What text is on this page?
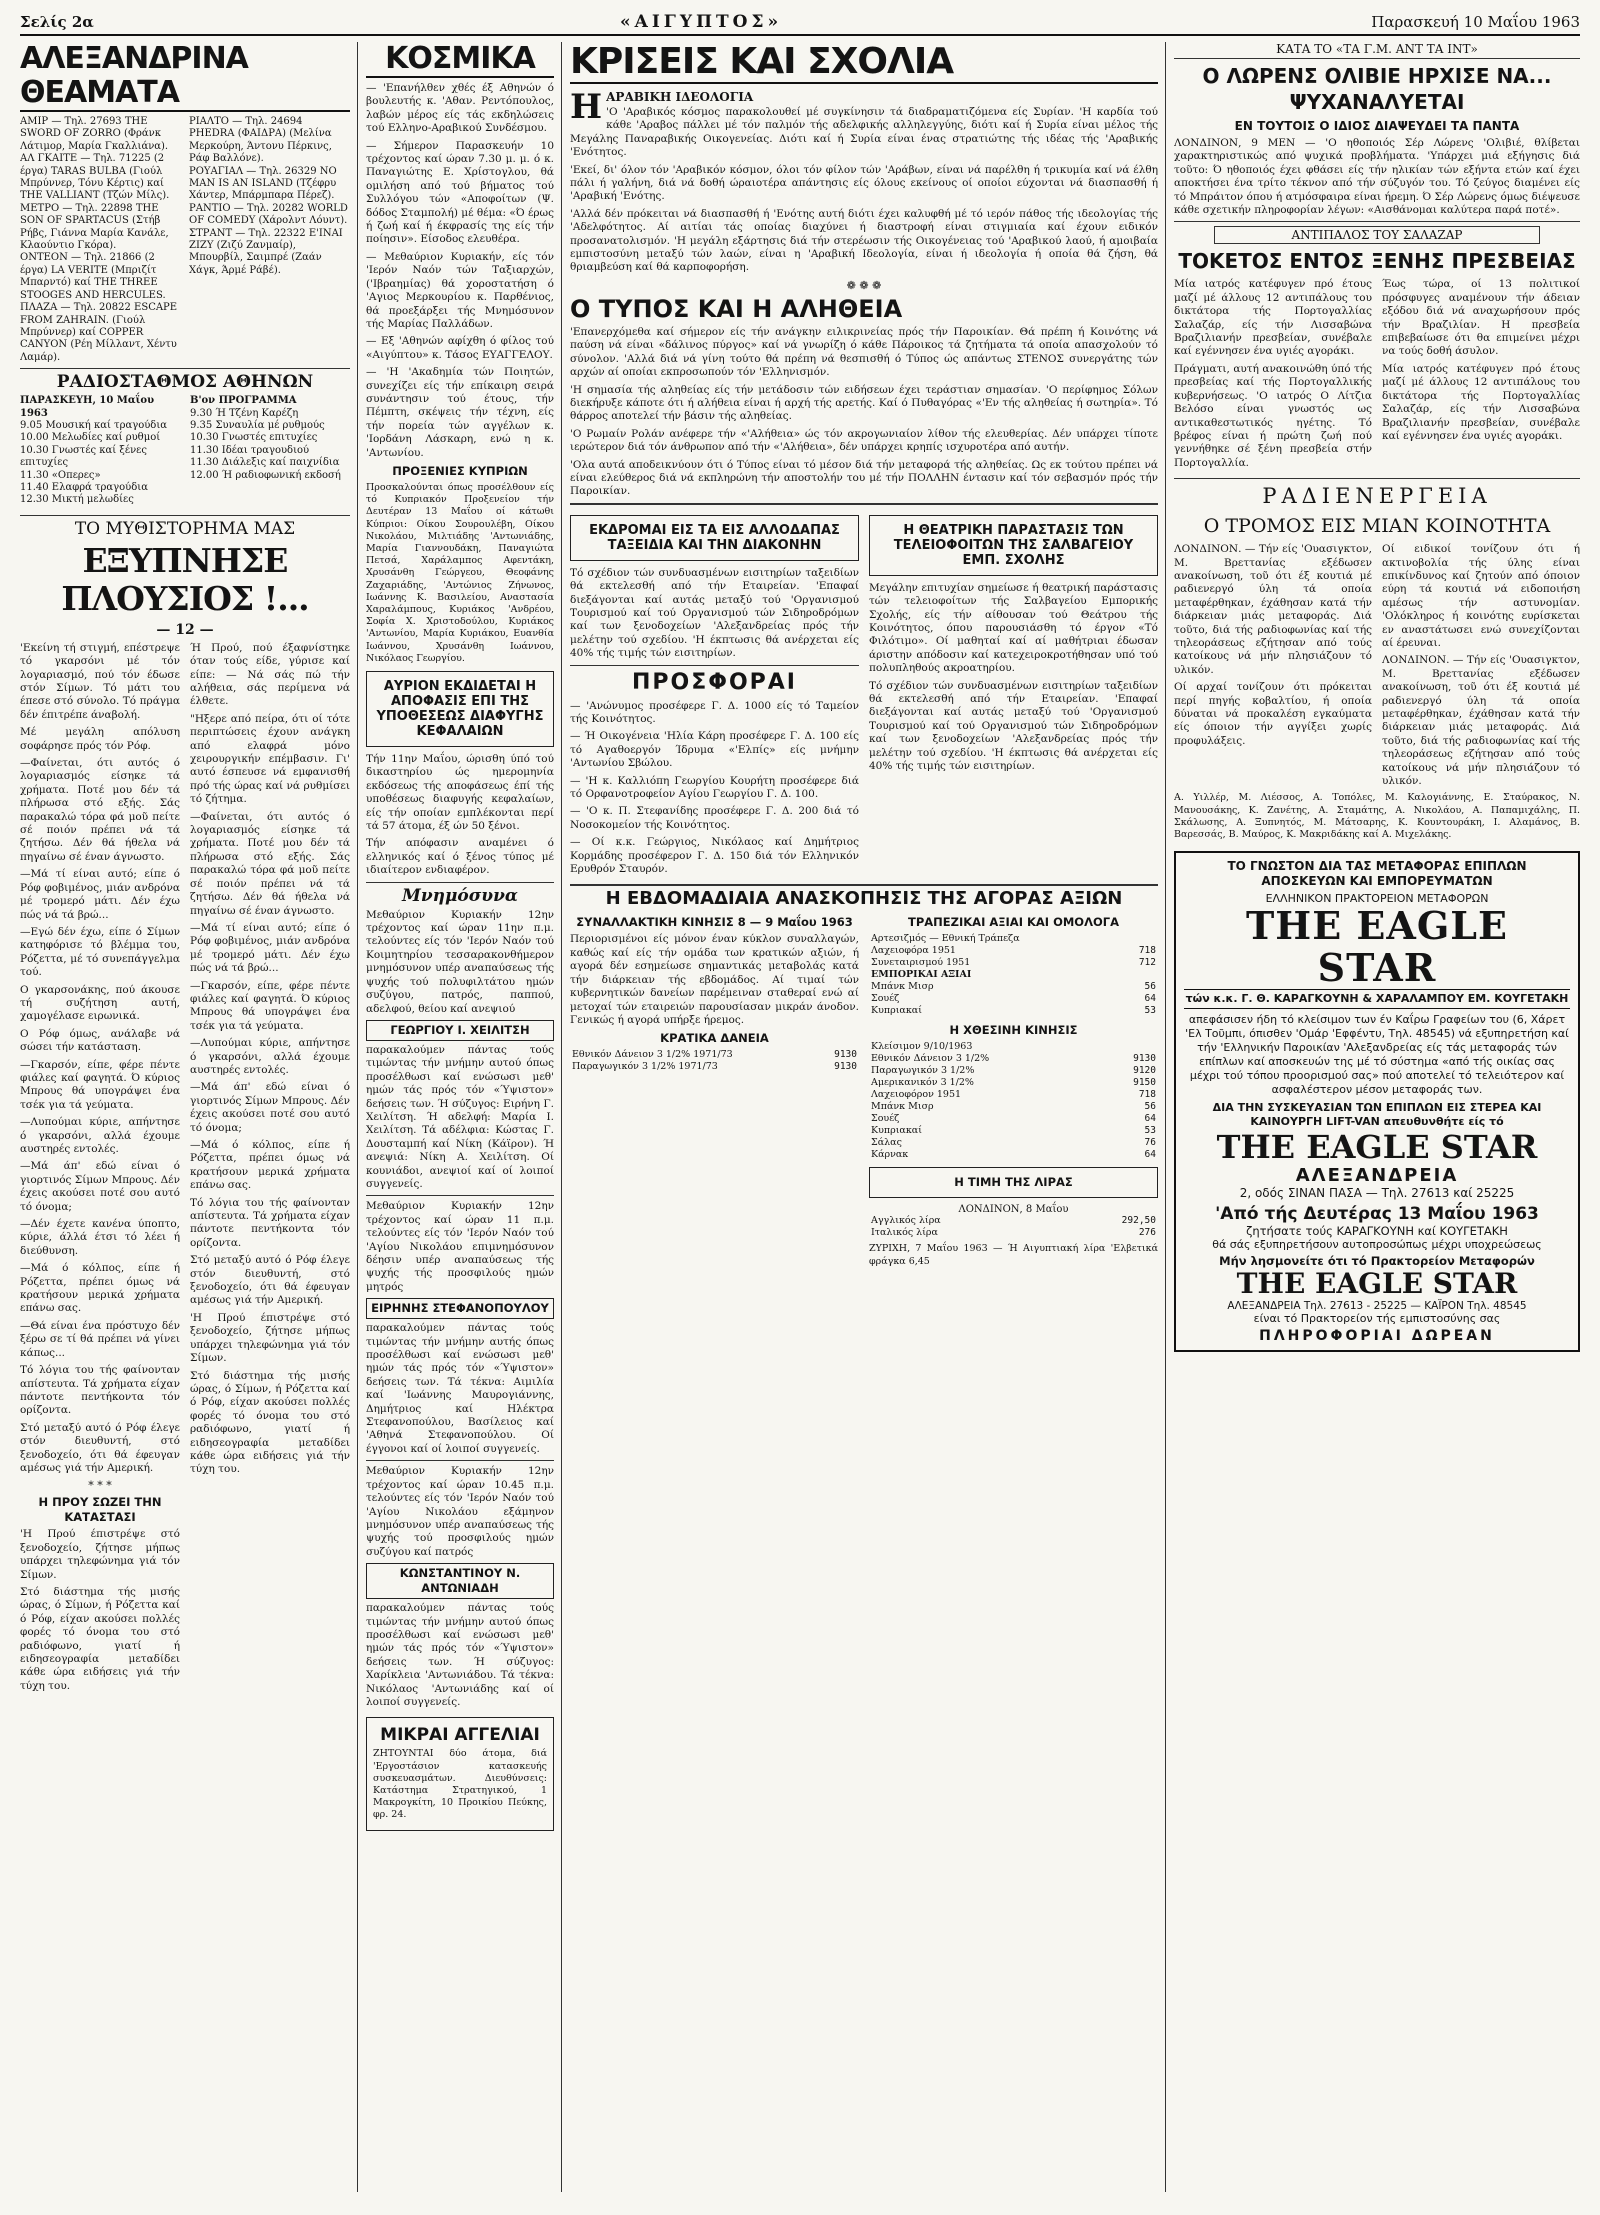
Σελίς 2α	«ΑΙΓΥΠΤΟΣ»	Παρασκευή 10 Μαΐου 1963
ΑΛΕΞΑΝΔΡΙΝΑ ΘΕΑΜΑΤΑ

ΑΜΙΡ — Τηλ. 27693 THE SWORD OF ZORRO (Φράνκ Λάτιμορ, Μαρία Γκαλλιάνα).

ΑΛ ΓΚΑΙΤΕ — Τηλ. 71225 (2 έργα) TARAS BULBA (Γιούλ Μπρύννερ, Τόνυ Κέρτις) καί THE VALLIANT (Τζών Μίλς).

ΜΕΤΡΟ — Τηλ. 22898 THE SON OF SPARTACUS (Στήβ Ρήβς, Γιάννα Μαρία Κανάλε, Κλαούντιο Γκόρα).

ΟΝΤΕΟΝ — Τηλ. 21866 (2 έργα) LA VERITE (Μπριζίτ Μπαρντό) καί THE THREE STOOGES AND HERCULES.

ΠΛΑΖΑ — Τηλ. 20822 ESCAPE FROM ZAHRAIN. (Γιούλ Μπρύννερ) καί COPPER CANYON (Ρέη Μίλλαντ, Χέντυ Λαμάρ).

ΡΙΑΛΤΟ — Τηλ. 24694 PHEDRA (ΦΑΙΔΡΑ) (Μελίνα Μερκούρη, Άντονυ Πέρκινς, Ράφ Βαλλόνε).

ΡΟΥΑΓΙΑΛ — Τηλ. 26329 NO MAN IS AN ISLAND (Τζέφρυ Χάντερ, Μπάρμπαρα Πέρεζ).

ΡΑΝΤΙΟ — Τηλ. 20282 WORLD OF COMEDY (Χάρολντ Λόυντ).

ΣΤΡΑΝΤ — Τηλ. 22322 Ε'ΙΝΑΙ ΖΙΖΥ (Ζιζύ Ζανμαίρ), Μπουρβίλ, Σαιμπρέ (Ζαάν Χάγκ, Άρμέ Ράβέ).

ΡΑΔΙΟΣΤΑΘΜΟΣ ΑΘΗΝΩΝ

ΠΑΡΑΣΚΕΥΗ, 10 Μαΐου 1963

9.05 Μουσική καί τραγούδια

10.00 Μελωδίες καί ρυθμοί

10.30 Γνωστές καί ξένες επιτυχίες

11.30 «Οπερες»

11.40 Ελαφρά τραγούδια

12.30 Μικτή μελωδίες

Β'ον ΠΡΟΓΡΑΜΜΑ

9.30 Ή Τζένη Καρέζη

9.35 Συναυλία μέ ρυθμούς

10.30 Γνωστές επιτυχίες

11.30 Ιδέαι τραγουδιού

11.30 Διάλεξις καί παιχνίδια

12.00 Ή ραδιοφωνική εκδοσή

ΤΟ ΜΥΘΙΣΤΟΡΗΜΑ ΜΑΣ
ΕΞΥΠΝΗΣΕ ΠΛΟΥΣΙΟΣ !...
— 12 —

'Εκείνη τή στιγμή, επέστρεψε τό γκαρσόνι μέ τόν λογαριασμό, πού τόν έδωσε στόν Σίμων. Τό μάτι του έπεσε στό σύνολο. Τό πράγμα δέν έπιτρέπε άναβολή.

Μέ μεγάλη απόλυση σοφάρησε πρός τόν Ρόφ.

—Φαίνεται, ότι αυτός ό λογαριασμός είσηκε τά χρήματα. Ποτέ μου δέν τά πλήρωσα στό εξής. Σάς παρακαλώ τόρα φά μοῦ πείτε σέ ποιόν πρέπει νά τά ζητήσω. Δέν θά ήθελα νά πηγαίνω σέ έναν άγνωστο.

—Μά τί είναι αυτό; είπε ό Ρόφ φοβιμένος, μιάν ανδρόνα μέ τρομερό μάτι. Δέν έχω πώς νά τά βρώ...

—Εγώ δέν έχω, είπε ό Σίμων κατηφόρισε τό βλέμμα του, Ρόζεττα, μέ τό συνεπάγγελμα τού.

Ο γκαρσονάκης, πού άκουσε τή συζήτηση αυτή, χαμογέλασε ειρωνικά.

Ο Ρόφ όμως, ανάλαβε νά σώσει τήν κατάσταση.

—Γκαρσόν, είπε, φέρε πέντε φιάλες καί φαγητά. Ό κύριος Μπρους θά υπογράψει ένα τσέκ για τά γεύματα.

—Λυπούμαι κύριε, απήντησε ό γκαρσόνι, αλλά έχουμε αυστηρές εντολές.

—Μά άπ' εδώ είναι ό γιορτινός Σίμων Μπρους. Δέν έχεις ακούσει ποτέ σου αυτό τό όνομα;

—Δέν έχετε κανένα ύποπτο, κύριε, άλλά έτσι τό λέει ή διεύθυνση.

—Μά ό κόλπος, είπε ή Ρόζεττα, πρέπει όμως νά κρατήσουν μερικά χρήματα επάνω σας.

—Θά είναι ένα πρόστυχο δέν ξέρω σε τί θά πρέπει νά γίνει κάπως...

Τό λόγια του τής φαίνονταν απίστευτα. Τά χρήματα είχαν πάντοτε πεντήκοντα τόν ορίζοντα.

Στό μεταξύ αυτό ό Ρόφ έλεγε στόν διευθυντή, στό ξενοδοχείο, ότι θά έφευγαν αμέσως γιά τήν Αμερική.

* * *
Η ΠΡΟΥ ΣΩΖΕΙ ΤΗΝ ΚΑΤΑΣΤΑΣΙ

'Η Πρού έπιστρέψε στό ξενοδοχείο, ζήτησε μήπως υπάρχει τηλεφώνημα γιά τόν Σίμων.

Στό διάστημα τής μισής ώρας, ό Σίμων, ή Ρόζεττα καί ό Ρόφ, είχαν ακούσει πολλές φορές τό όνομα του στό ραδιόφωνο, γιατί ή ειδησεογραφία μεταδίδει κάθε ώρα ειδήσεις γιά τήν τύχη του.

Ή Πρού, πού έξαφνίστηκε όταν τούς είδε, γύρισε καί είπε: — Νά σάς πώ τήν αλήθεια, σάς περίμενα νά έλθετε.

"Ηξερε από πείρα, ότι οί τότε περιπτώσεις έχουν ανάγκη από ελαφρά μόνο χειρουργικήν επέμβασιν. Γι' αυτό έσπευσε νά εμφανισθή πρό τής ώρας καί νά ρυθμίσει τό ζήτημα.

—Φαίνεται, ότι αυτός ό λογαριασμός είσηκε τά χρήματα. Ποτέ μου δέν τά πλήρωσα στό εξής. Σάς παρακαλώ τόρα φά μοῦ πείτε σέ ποιόν πρέπει νά τά ζητήσω. Δέν θά ήθελα νά πηγαίνω σέ έναν άγνωστο.

—Μά τί είναι αυτό; είπε ό Ρόφ φοβιμένος, μιάν ανδρόνα μέ τρομερό μάτι. Δέν έχω πώς νά τά βρώ...

—Γκαρσόν, είπε, φέρε πέντε φιάλες καί φαγητά. Ό κύριος Μπρους θά υπογράψει ένα τσέκ για τά γεύματα.

—Λυπούμαι κύριε, απήντησε ό γκαρσόνι, αλλά έχουμε αυστηρές εντολές.

—Μά άπ' εδώ είναι ό γιορτινός Σίμων Μπρους. Δέν έχεις ακούσει ποτέ σου αυτό τό όνομα;

—Μά ό κόλπος, είπε ή Ρόζεττα, πρέπει όμως νά κρατήσουν μερικά χρήματα επάνω σας.

Τό λόγια του τής φαίνονταν απίστευτα. Τά χρήματα είχαν πάντοτε πεντήκοντα τόν ορίζοντα.

Στό μεταξύ αυτό ό Ρόφ έλεγε στόν διευθυντή, στό ξενοδοχείο, ότι θά έφευγαν αμέσως γιά τήν Αμερική.

'Η Πρού έπιστρέψε στό ξενοδοχείο, ζήτησε μήπως υπάρχει τηλεφώνημα γιά τόν Σίμων.

Στό διάστημα τής μισής ώρας, ό Σίμων, ή Ρόζεττα καί ό Ρόφ, είχαν ακούσει πολλές φορές τό όνομα του στό ραδιόφωνο, γιατί ή ειδησεογραφία μεταδίδει κάθε ώρα ειδήσεις γιά τήν τύχη του.

ΚΟΣΜΙΚΑ

— 'Επανήλθεν χθές έξ Αθηνών ό βουλευτής κ. 'Αθαν. Ρεντόπουλος, λαβών μέρος είς τάς εκδηλώσεις τού Ελληνο-Αραβικού Συνδέσμου.

— Σήμερον Παρασκευήν 10 τρέχοντος καί ώραν 7.30 μ. μ. ό κ. Παναγιώτης Ε. Χρίστογλου, θά ομιλήση από τού βήματος τού Συλλόγου τών «Αποφοίτων (Ψ. δόδος Σταμπολή) μέ θέμα: «Ό έρως ή ζωή καί ή έκφρασίς της είς τήν ποίησιν». Είσοδος ελευθέρα.

— Μεθαύριον Κυριακήν, είς τόν 'Ιερόν Ναόν τών Ταξιαρχών, ('Ιβραημίας) θά χοροστατήση ό 'Αγιος Μερκουρίου κ. Παρθένιος, θά προεξάρξει τής Μνημόσυνον τής Μαρίας Παλλάδων.

— Εξ 'Αθηνών αφίχθη ό φίλος τού «Αιγύπτου» κ. Τάσος ΕΥΑΓΓΕΛΟΥ.

— 'Η 'Ακαδημία τών Ποιητών, συνεχίζει είς τήν επίκαιρη σειρά συνάντησιν τού έτους, τήν Πέμπτη, σκέψεις τήν τέχνη, είς τήν πορεία τών αγγέλων κ. 'Ιορδάνη Λάσκαρη, ενώ η κ. 'Αντωνίου.

ΠΡΟΞΕΝΙΕΣ ΚΥΠΡΙΩΝ

Προσκαλούνται όπως προσέλθουν είς τό Κυπριακόν Προξενείον τήν Δευτέραν 13 Μαΐου οί κάτωθι Κύπριοι: Οίκου Σουρουλέβη, Οίκου Νικολάου, Μιλτιάδης 'Αντωνιάδης, Μαρία Γιαννουδάκη, Παναγιώτα Πετσά, Χαράλαμπος Αφεντάκη, Χρυσάνθη Γεώργεου, Θεοφάνης Ζαχαριάδης, 'Αντώνιος Ζήνωνος, Ιωάννης Κ. Βασιλείου, Αναστασία Χαραλάμπους, Κυριάκος 'Ανδρέου, Σοφία Χ. Χριστοδούλου, Κυριάκος 'Αντωνίου, Μαρία Κυριάκου, Ευανθία Ιωάννου, Χρυσάνθη Ιωάννου, Νικόλαος Γεωργίου.

ΑΥΡΙΟΝ ΕΚΔΙΔΕΤΑΙ Η ΑΠΟΦΑΣΙΣ ΕΠΙ ΤΗΣ ΥΠΟΘΕΣΕΩΣ ΔΙΑΦΥΓΗΣ ΚΕΦΑΛΑΙΩΝ

Τήν 11ην Μαΐου, ώρισθη ύπό τού δικαστηρίου ώς ημερομηνία εκδόσεως τής αποφάσεως έπί τής υποθέσεως διαφυγής κεφαλαίων, είς τήν οποίαν εμπλέκονται περί τά 57 άτομα, έξ ών 50 ξένοι.

Τήν απόφασιν αναμένει ό ελληνικός καί ό ξένος τύπος μέ ιδιαίτερον ενδιαφέρον.

Μνημόσυνα

Μεθαύριον Κυριακήν 12ην τρέχοντος καί ώραν 11ην π.μ. τελούντες είς τόν 'Ιερόν Ναόν τού Κοιμητηρίου τεσσαρακονθήμερον μνημόσυνον υπέρ αναπαύσεως τής ψυχής τού πολυφιλτάτου ημών συζύγου, πατρός, παππού, αδελφού, θείου καί ανεψιού

ΓΕΩΡΓΙΟΥ Ι. ΧΕΙΛΙΤΣΗ

παρακαλούμεν πάντας τούς τιμώντας τήν μνήμην αυτού όπως προσέλθωσι καί ενώσωσι μεθ' ημών τάς πρός τόν «Ύψιστον» δεήσεις των. Ή σύζυγος: Ειρήνη Γ. Χειλίτση. Ή αδελφή: Μαρία Ι. Χειλίτση. Τά αδέλφια: Κώστας Γ. Δουσταμπή καί Νίκη (Κάϊρον). Ή ανεψιά: Νίκη Α. Χειλίτση. Οί κουνιάδοι, ανεψιοί καί οί λοιποί συγγενείς.

Μεθαύριον Κυριακήν 12ην τρέχοντος καί ώραν 11 π.μ. τελούντες είς τόν 'Ιερόν Ναόν τού 'Αγίου Νικολάου επιμνημόσυνον δέησιν υπέρ αναπαύσεως τής ψυχής τής προσφιλούς ημών μητρός

ΕΙΡΗΝΗΣ ΣΤΕΦΑΝΟΠΟΥΛΟΥ

παρακαλούμεν πάντας τούς τιμώντας τήν μνήμην αυτής όπως προσέλθωσι καί ενώσωσι μεθ' ημών τάς πρός τόν «Ύψιστον» δεήσεις των. Τά τέκνα: Αιμιλία καί 'Ιωάννης Μαυρογιάννης, Δημήτριος καί Ηλέκτρα Στεφανοπούλου, Βασίλειος καί 'Αθηνά Στεφανοπούλου. Οί έγγονοι καί οί λοιποί συγγενείς.

Μεθαύριον Κυριακήν 12ην τρέχοντος καί ώραν 10.45 π.μ. τελούντες είς τόν 'Ιερόν Ναόν τού 'Αγίου Νικολάου εξάμηνον μνημόσυνον υπέρ αναπαύσεως τής ψυχής τού προσφιλούς ημών συζύγου καί πατρός

ΚΩΝΣΤΑΝΤΙΝΟΥ Ν. ΑΝΤΩΝΙΑΔΗ

παρακαλούμεν πάντας τούς τιμώντας τήν μνήμην αυτού όπως προσέλθωσι καί ενώσωσι μεθ' ημών τάς πρός τόν «Ύψιστον» δεήσεις των. Ή σύζυγος: Χαρίκλεια 'Αντωνιάδου. Τά τέκνα: Νικόλαος 'Αντωνιάδης καί οί λοιποί συγγενείς.

ΜΙΚΡΑΙ ΑΓΓΕΛΙΑΙ

ΖΗΤΟΥΝΤΑΙ δύο άτομα, διά 'Εργοστάσιον κατασκευής συσκευασμάτων. Διευθύνσεις: Κατάστημα Στρατηγικού, 1 Μακρογκίτη, 10 Προικίου Πεύκης, φρ. 24.

ΚΡΙΣΕΙΣ ΚΑΙ ΣΧΟΛΙΑ
Η ΑΡΑΒΙΚΗ ΙΔΕΟΛΟΓΙΑ

'Ο 'Αραβικός κόσμος παρακολουθεί μέ συγκίνησιν τά διαδραματιζόμενα είς Συρίαν. 'Η καρδία τού κάθε 'Αραβος πάλλει μέ τόν παλμόν τής αδελφικής αλληλεγγύης, διότι καί ή Συρία είναι μέλος τής Μεγάλης Παναραβικής Οικογενείας. Διότι καί ή Συρία είναι ένας στρατιώτης τής ιδέας τής 'Αραβικής 'Ενότητος.

'Εκεί, δι' όλον τόν 'Αραβικόν κόσμον, όλοι τόν φίλον τών 'Αράβων, είναι νά παρέλθη ή τρικυμία καί νά έλθη πάλι ή γαλήνη, διά νά δοθή ώραιοτέρα απάντησις είς όλους εκείνους οί οποίοι εύχονται νά διασπασθή ή 'Αραβική 'Ενότης.

'Αλλά δέν πρόκειται νά διασπασθή ή 'Ενότης αυτή διότι έχει καλυφθή μέ τό ιερόν πάθος τής ιδεολογίας τής 'Αδελφότητος. Αί αιτίαι τάς οποίας διαχύνει ή διαστροφή είναι στιγμιαία καί έχουν ειδικόν προσανατολισμόν. 'Η μεγάλη εξάρτησις διά τήν στερέωσιν τής Οικογένειας τού 'Αραβικού λαού, ή αμοιβαία εμπιστοσύνη μεταξύ τών λαών, είναι η 'Αραβική Ιδεολογία, είναι ή ιδεολογία ή οποία θά ζήση, θά θριαμβεύση καί θά καρποφορήση.

❁ ❁ ❁
Ο ΤΥΠΟΣ ΚΑΙ Η ΑΛΗΘΕΙΑ

'Επανερχόμεθα καί σήμερον είς τήν ανάγκην ειλικρινείας πρός τήν Παροικίαν. Θά πρέπη ή Κοινότης νά παύση νά είναι «δάλινος πύργος» καί νά γνωρίζη ό κάθε Πάροικος τά ζητήματα τά οποία απασχολούν τό σύνολον. 'Αλλά διά νά γίνη τούτο θά πρέπη νά θεσπισθή ό Τύπος ώς απάντως ΣΤΕΝΟΣ συνεργάτης τών αρχών αί οποίαι εκπροσωπούν τόν 'Ελληνισμόν.

'Η σημασία τής αληθείας είς τήν μετάδοσιν τών ειδήσεων έχει τεράστιαν σημασίαν. 'Ο περίφημος Σόλων διεκήρυξε κάποτε ότι ή αλήθεια είναι ή αρχή τής αρετής. Καί ό Πυθαγόρας «'Εν τής αληθείας ή σωτηρία». Τό θάρρος αποτελεί τήν βάσιν τής αληθείας.

'Ο Ρωμαίν Ρολάν ανέφερε τήν «'Αλήθεια» ώς τόν ακρογωνιαίον λίθον τής ελευθερίας. Δέν υπάρχει τίποτε ιερώτερον διά τόν άνθρωπον από τήν «'Αλήθεια», δέν υπάρχει κρηπίς ισχυροτέρα από αυτήν.

'Ολα αυτά αποδεικνύουν ότι ό Τύπος είναι τό μέσον διά τήν μεταφορά τής αληθείας. Ως εκ τούτου πρέπει νά είναι ελεύθερος διά νά εκπληρώνη τήν αποστολήν του μέ τήν ΠΟΛΛΗΝ έντασιν καί τόν σεβασμόν πρός τήν Παροικίαν.

ΕΚΔΡΟΜΑΙ ΕΙΣ ΤΑ ΕΙΣ ΑΛΛΟΔΑΠΑΣ ΤΑΞΕΙΔΙΑ ΚΑΙ ΤΗΝ ΔΙΑΚΟΝΗΝ

Τό σχέδιον τών συνδυασμένων εισιτηρίων ταξειδίων θά εκτελεσθή από τήν Εταιρείαν. 'Επαφαί διεξάγονται καί αυτάς μεταξύ τού 'Οργανισμού Τουρισμού καί τού Οργανισμού τών Σιδηροδρόμων καί των ξενοδοχείων 'Αλεξανδρείας πρός τήν μελέτην τού σχεδίου. 'Η έκπτωσις θά ανέρχεται είς 40% τής τιμής τών εισιτηρίων.

ΠΡΟΣΦΟΡΑΙ

— 'Ανώνυμος προσέφερε Γ. Δ. 1000 είς τό Ταμείον τής Κοινότητος.

— Ή Οικογένεια 'Ηλία Κάρη προσέφερε Γ. Δ. 100 είς τό Αγαθοεργόν Ίδρυμα «'Ελπίς» είς μνήμην 'Αντωνίου Σβώλου.

— 'Η κ. Καλλιόπη Γεωργίου Κουρήτη προσέφερε διά τό Ορφανοτροφείον Αγίου Γεωργίου Γ. Δ. 100.

— 'Ο κ. Π. Στεφανίδης προσέφερε Γ. Δ. 200 διά τό Νοσοκομείον τής Κοινότητος.

— Οί κ.κ. Γεώργιος, Νικόλαος καί Δημήτριος Κορμάδης προσέφερον Γ. Δ. 150 διά τόν Ελληνικόν Ερυθρόν Σταυρόν.

Η ΘΕΑΤΡΙΚΗ ΠΑΡΑΣΤΑΣΙΣ ΤΩΝ ΤΕΛΕΙΟΦΟΙΤΩΝ ΤΗΣ ΣΑΛΒΑΓΕΙΟΥ ΕΜΠ. ΣΧΟΛΗΣ

Μεγάλην επιτυχίαν σημείωσε ή θεατρική παράστασις τών τελειοφοίτων τής Σαλβαγείου Εμπορικής Σχολής, είς τήν αίθουσαν τού Θεάτρου τής Κοινότητος, όπου παρουσιάσθη τό έργον «Τό Φιλότιμο». Οί μαθηταί καί αί μαθήτριαι έδωσαν άριστην απόδοσιν καί κατεχειροκροτήθησαν υπό τού πολυπληθούς ακροατηρίου.

Τό σχέδιον τών συνδυασμένων εισιτηρίων ταξειδίων θά εκτελεσθή από τήν Εταιρείαν. 'Επαφαί διεξάγονται καί αυτάς μεταξύ τού 'Οργανισμού Τουρισμού καί τού Οργανισμού τών Σιδηροδρόμων καί των ξενοδοχείων 'Αλεξανδρείας πρός τήν μελέτην τού σχεδίου. 'Η έκπτωσις θά ανέρχεται είς 40% τής τιμής τών εισιτηρίων.

Η ΕΒΔΟΜΑΔΙΑΙΑ ΑΝΑΣΚΟΠΗΣΙΣ ΤΗΣ ΑΓΟΡΑΣ ΑΞΙΩΝ
ΣΥΝΑΛΛΑΚΤΙΚΗ ΚΙΝΗΣΙΣ 8 — 9 Μαΐου 1963

Περιορισμένοι είς μόνον έναν κύκλον συναλλαγών, καθώς καί είς τήν ομάδα των κρατικών αξιών, ή αγορά δέν εσημείωσε σημαντικάς μεταβολάς κατά τήν διάρκειαν τής εβδομάδος. Αί τιμαί τών κυβερνητικών δανείων παρέμειναν σταθεραί ενώ αί μετοχαί τών εταιρειών παρουσίασαν μικράν άνοδον. Γενικώς ή αγορά υπήρξε ήρεμος.

ΚΡΑΤΙΚΑ ΔΑΝΕΙΑ
Εθνικόν Δάνειον 3 1/2% 1971/73	9130
Παραγωγικόν 3 1/2% 1971/73	9130
ΤΡΑΠΕΖΙΚΑΙ ΑΞΙΑΙ ΚΑΙ ΟΜΟΛΟΓΑ
Αρτεσιζμός — Εθνική Τράπεζα	
Λαχειοφόρα 1951	718
Συνεταιρισμού 1951	712
ΕΜΠΟΡΙΚΑΙ ΑΞΙΑΙ	
Μπάνκ Μισρ	56
Σουέζ	64
Κυπριακαί	53
Η ΧΘΕΣΙΝΗ ΚΙΝΗΣΙΣ
Κλείσιμον 9/10/1963	
Εθνικόν Δάνειον 3 1/2%	9130
Παραγωγικόν 3 1/2%	9120
Αμερικανικόν 3 1/2%	9150
Λαχειοφόρον 1951	718
Μπάνκ Μισρ	56
Σουέζ	64
Κυπριακαί	53
Σάλας	76
Κάρνακ	64
Η ΤΙΜΗ ΤΗΣ ΛΙΡΑΣ
ΛΟΝΔΙΝΟΝ, 8 Μαΐου
Αγγλικός λίρα	292,50
Ιταλικός λίρα	276

ΖΥΡΙΧΗ, 7 Μαΐου 1963 — Ή Αιγυπτιακή λίρα 'Ελβετικά φράγκα 6,45

ΚΑΤΑ ΤΟ «ΤΑ Γ.Μ. ΑΝΤ ΤΑ ΙΝΤ»
Ο ΛΩΡΕΝΣ ΟΛΙΒΙΕ ΗΡΧΙΣΕ ΝΑ... ΨΥΧΑΝΑΛΥΕΤΑΙ
ΕΝ ΤΟΥΤΟΙΣ Ο ΙΔΙΟΣ ΔΙΑΨΕΥΔΕΙ ΤΑ ΠΑΝΤΑ

ΛΟΝΔΙΝΟΝ, 9 ΜΕΝ — 'Ο ηθοποιός Σέρ Λώρενς 'Ολιβιέ, θλίβεται χαρακτηριστικώς από ψυχικά προβλήματα. 'Υπάρχει μιά εξήγησις διά τοῦτο: Ό ηθοποιός έχει φθάσει είς τήν ηλικίαν τών εξήντα ετών καί έχει αποκτήσει ένα τρίτο τέκνον από τήν σύζυγόν του. Τό ζεύγος διαμένει είς τό Μπράιτον όπου ή ατμόσφαιρα είναι ήρεμη. Ό Σέρ Λώρενς όμως διέψευσε κάθε σχετικήν πληροφορίαν λέγων: «Αισθάνομαι καλύτερα παρά ποτέ».

ΑΝΤΙΠΑΛΟΣ ΤΟΥ ΣΑΛΑΖΑΡ
ΤΟΚΕΤΟΣ ΕΝΤΟΣ ΞΕΝΗΣ ΠΡΕΣΒΕΙΑΣ

Μία ιατρός κατέφυγεν πρό έτους μαζί μέ άλλους 12 αντιπάλους του δικτάτορα τής Πορτογαλλίας Σαλαζάρ, είς τήν Λισσαβώνα Βραζιλιανήν πρεσβείαν, συνέβαλε καί εγέννησεν ένα υγιές αγοράκι.

Πράγματι, αυτή ανακοινώθη ύπό τής πρεσβείας καί τής Πορτογαλλικής κυβερνήσεως. 'Ο ιατρός Ο Λίτζια Βελόσο είναι γνωστός ως αντικαθεστωτικός ηγέτης. Τό βρέφος είναι ή πρώτη ζωή πού γεννήθηκε σέ ξένη πρεσβεία στήν Πορτογαλλία.

Έως τώρα, οί 13 πολιτικοί πρόσφυγες αναμένουν τήν άδειαν εξόδου διά νά αναχωρήσουν πρός τήν Βραζιλίαν. Η πρεσβεία επιβεβαίωσε ότι θα επιμείνει μέχρι να τούς δοθή άσυλον.

Μία ιατρός κατέφυγεν πρό έτους μαζί μέ άλλους 12 αντιπάλους του δικτάτορα τής Πορτογαλλίας Σαλαζάρ, είς τήν Λισσαβώνα Βραζιλιανήν πρεσβείαν, συνέβαλε καί εγέννησεν ένα υγιές αγοράκι.

ΡΑΔΙΕΝΕΡΓΕΙΑ
Ο ΤΡΟΜΟΣ ΕΙΣ ΜΙΑΝ ΚΟΙΝΟΤΗΤΑ

ΛΟΝΔΙΝΟΝ. — Τήν είς 'Ουασιγκτον, Μ. Βρεττανίας εξέδωσεν ανακοίνωση, τοῦ ότι έξ κουτιά μέ ραδιενεργό ύλη τά οποία μεταφέρθηκαν, έχάθησαν κατά τήν διάρκειαν μιάς μεταφοράς. Διά τοῦτο, διά τής ραδιοφωνίας καί τής τηλεοράσεως εζήτησαν από τούς κατοίκους νά μήν πλησιάζουν τό υλικόν.

Οί αρχαί τονίζουν ότι πρόκειται περί πηγής κοβαλτίου, ή οποία δύναται νά προκαλέση εγκαύματα είς όποιον τήν αγγίξει χωρίς προφυλάξεις.

Οί ειδικοί τονίζουν ότι ή ακτινοβολία τής ύλης είναι επικίνδυνος καί ζητούν από όποιον εύρη τά κουτιά νά ειδοποιήση αμέσως τήν αστυνομίαν. 'Ολόκληρος ή κοινότης ευρίσκεται εν αναστάτωσει ενώ συνεχίζονται αί έρευναι.

ΛΟΝΔΙΝΟΝ. — Τήν είς 'Ουασιγκτον, Μ. Βρεττανίας εξέδωσεν ανακοίνωση, τοῦ ότι έξ κουτιά μέ ραδιενεργό ύλη τά οποία μεταφέρθηκαν, έχάθησαν κατά τήν διάρκειαν μιάς μεταφοράς. Διά τοῦτο, διά τής ραδιοφωνίας καί τής τηλεοράσεως εζήτησαν από τούς κατοίκους νά μήν πλησιάζουν τό υλικόν.

Α. Υιλλέρ, Μ. Λιέσσος, Α. Τοπόλες, Μ. Καλογιάννης, Ε. Σταύρακος, Ν. Μανουσάκης, Κ. Ζανέτης, Α. Σταμάτης, Α. Νικολάου, Α. Παπαμιχάλης, Π. Σκάλωσης, Α. Ξυπνητός, Μ. Μάτσαρης, Κ. Κουντουράκη, Ι. Αλαμάνος, Β. Βαρεσσάς, Β. Μαύρος, Κ. Μακριδάκης καί Α. Μιχελάκης.

ΤΟ ΓΝΩΣΤΟΝ ΔΙΑ ΤΑΣ ΜΕΤΑΦΟΡΑΣ ΕΠΙΠΛΩΝ ΑΠΟΣΚΕΥΩΝ ΚΑΙ ΕΜΠΟΡΕΥΜΑΤΩΝ
ΕΛΛΗΝΙΚΟΝ ΠΡΑΚΤΟΡΕΙΟΝ ΜΕΤΑΦΟΡΩΝ
THE EAGLE STAR
τών κ.κ. Γ. Θ. ΚΑΡΑΓΚΟΥΝΗ & ΧΑΡΑΛΑΜΠΟΥ ΕΜ. ΚΟΥΓΕΤΑΚΗ

απεφάσισεν ήδη τό κλείσιμον των έν Καΐρω Γραφείων του (6, Χάρετ 'Ελ Τοῦμπι, όπισθεν 'Ομάρ 'Εφφέντυ, Τηλ. 48545) νά εξυπηρετήση καί τήν 'Ελληνικήν Παροικίαν 'Αλεξανδρείας είς τάς μεταφοράς τών επίπλων καί αποσκευών της μέ τό σύστημα «από τής οικίας σας μέχρι τού τόπου προορισμού σας» πού αποτελεί τό τελειότερον καί ασφαλέστερον μέσον μεταφοράς των.

ΔΙΑ ΤΗΝ ΣΥΣΚΕΥΑΣΙΑΝ ΤΩΝ ΕΠΙΠΛΩΝ ΕΙΣ ΣΤΕΡΕΑ ΚΑΙ ΚΑΙΝΟΥΡΓΗ LIFT-VAN απευθυνθήτε είς τό
THE EAGLE STAR
ΑΛΕΞΑΝΔΡΕΙΑ
2, οδός ΣΙΝΑΝ ΠΑΣΑ — Τηλ. 27613 καί 25225
'Από τής Δευτέρας 13 Μαΐου 1963
ζητήσατε τούς ΚΑΡΑΓΚΟΥΝΗ καί ΚΟΥΓΕΤΑΚΗ
θά σάς εξυπηρετήσουν αυτοπροσώπως μέχρι υποχρεώσεως
Μήν λησμονείτε ότι τό Πρακτορείον Μεταφορών
THE EAGLE STAR
ΑΛΕΞΑΝΔΡΕΙΑ Τηλ. 27613 - 25225 — ΚΑΪΡΟΝ Τηλ. 48545
είναι τό Πρακτορείον τής εμπιστοσύνης σας
ΠΛΗΡΟΦΟΡΙΑΙ ΔΩΡΕΑΝ
